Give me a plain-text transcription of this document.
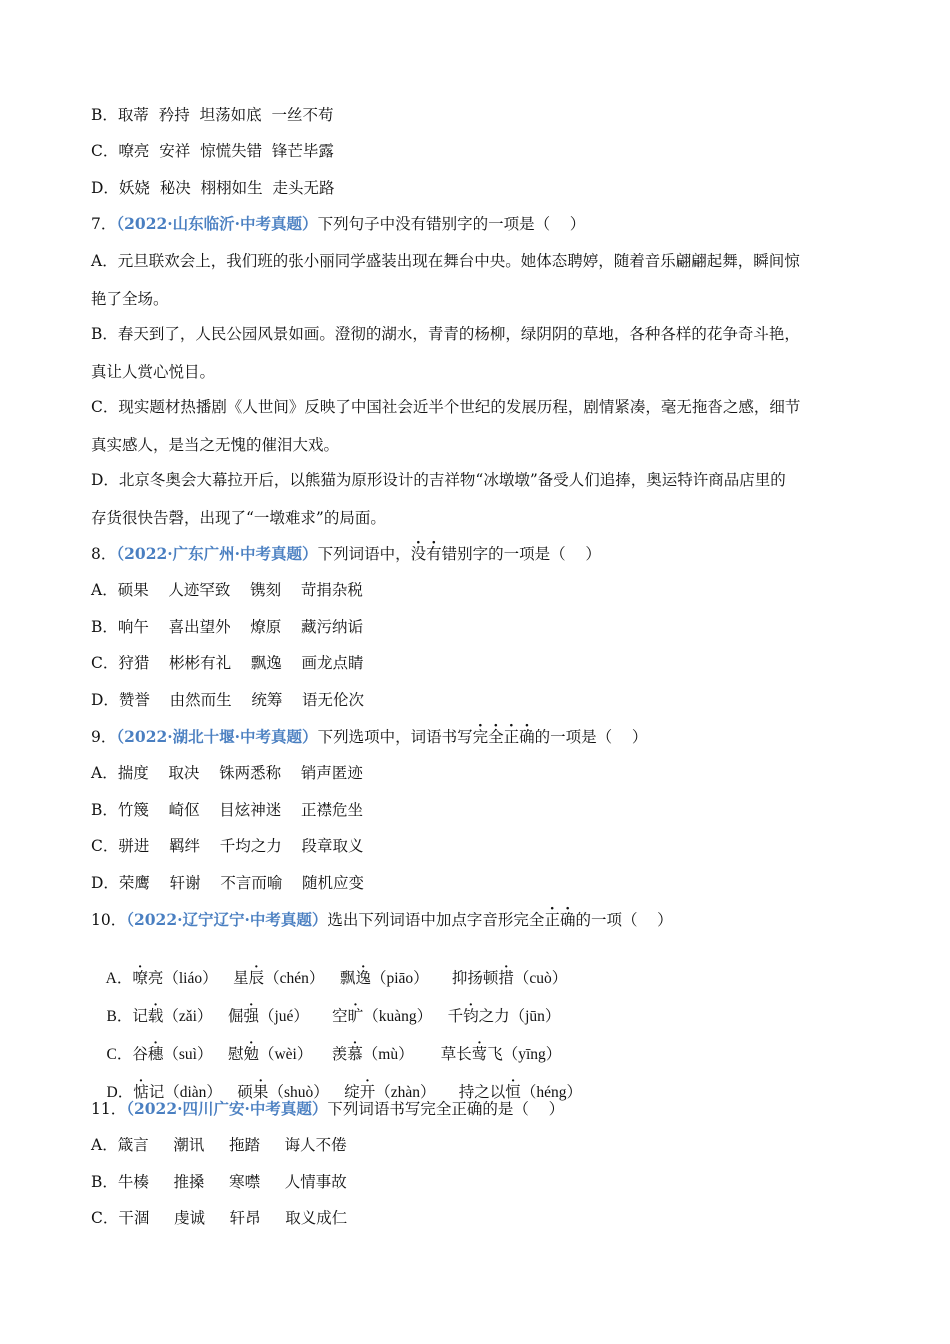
B．取蒂  矜持  坦荡如底  一丝不苟
C．嘹亮  安祥  惊慌失错  锋芒毕露
D．妖娆  秘决  栩栩如生  走头无路
7．（2022·山东临沂·中考真题）下列句子中没有错别字的一项是（    ）
A．元旦联欢会上，我们班的张小丽同学盛装出现在舞台中央。她体态聘婷，随着音乐翩翩起舞，瞬间惊
艳了全场。
B．春天到了，人民公园风景如画。澄彻的湖水，青青的杨柳，绿阴阴的草地，各种各样的花争奇斗艳，
真让人赏心悦目。
C．现实题材热播剧《人世间》反映了中国社会近半个世纪的发展历程，剧情紧凑，毫无拖沓之感，细节
真实感人，是当之无愧的催泪大戏。
D．北京冬奥会大幕拉开后，以熊猫为原形设计的吉祥物“冰墩墩”备受人们追捧，奥运特许商品店里的
存货很快告磬，出现了“一墩难求”的局面。
8．（2022·广东广州·中考真题）下列词语中，没有错别字的一项是（    ）
A．硕果    人迹罕致    镌刻    苛捐杂税
B．响午    喜出望外    燎原    藏污纳诟
C．狩猎    彬彬有礼    飘逸    画龙点睛
D．赞誉    由然而生    统筹    语无伦次
9．（2022·湖北十堰·中考真题）下列选项中，词语书写完全正确的一项是（    ）
A．揣度    取决    铢两悉称    销声匿迹
B．竹篾    崎伛    目炫神迷    正襟危坐
C．骈进    羁绊    千均之力    段章取义
D．荣鹰    轩谢    不言而喻    随机应变
10．（2022·辽宁辽宁·中考真题）选出下列词语中加点字音形完全正确的一项（    ）

A．嘹亮（liáo）    星辰（chén）    飘逸（piāo）      抑扬顿措（cuò）

B．记载（zǎi）    倔强（jué）      空旷（kuàng）    千钧之力（jūn）

C．谷穗（suì）    慰勉（wèi）     羡慕（mù）       草长莺飞（yīng）

D．惦记（diàn）    硕果（shuò）    绽开（zhàn）      持之以恒（héng）

11．（2022·四川广安·中考真题）下列词语书写完全正确的是（    ）
A．箴言     潮讯     拖踏     诲人不倦
B．牛楱     推搡     寒噤     人情事故
C．干涸     虔诚     轩昂     取义成仁
